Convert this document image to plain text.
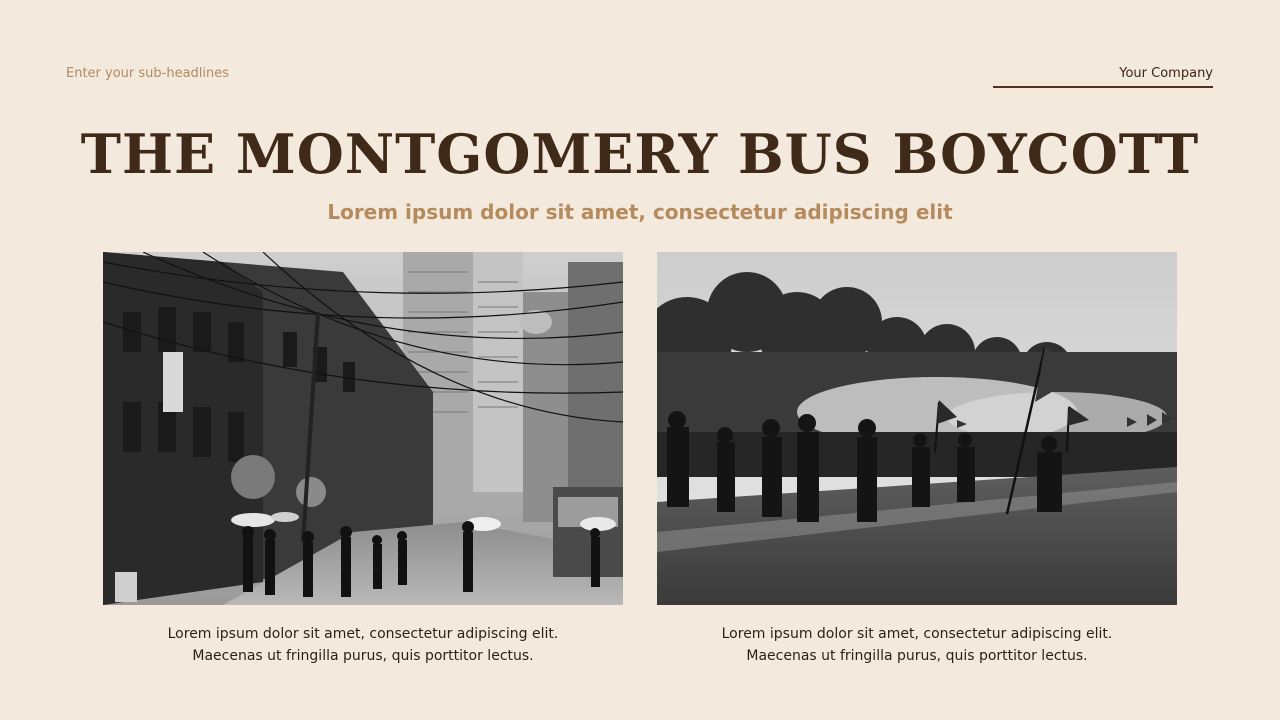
Enter your sub-headlines	Your Company
THE MONTGOMERY BUS BOYCOTT
Lorem ipsum dolor sit amet, consectetur adipiscing elit
Lorem ipsum dolor sit amet, consectetur adipiscing elit.
Maecenas ut fringilla purus, quis porttitor lectus.
Lorem ipsum dolor sit amet, consectetur adipiscing elit.
Maecenas ut fringilla purus, quis porttitor lectus.
